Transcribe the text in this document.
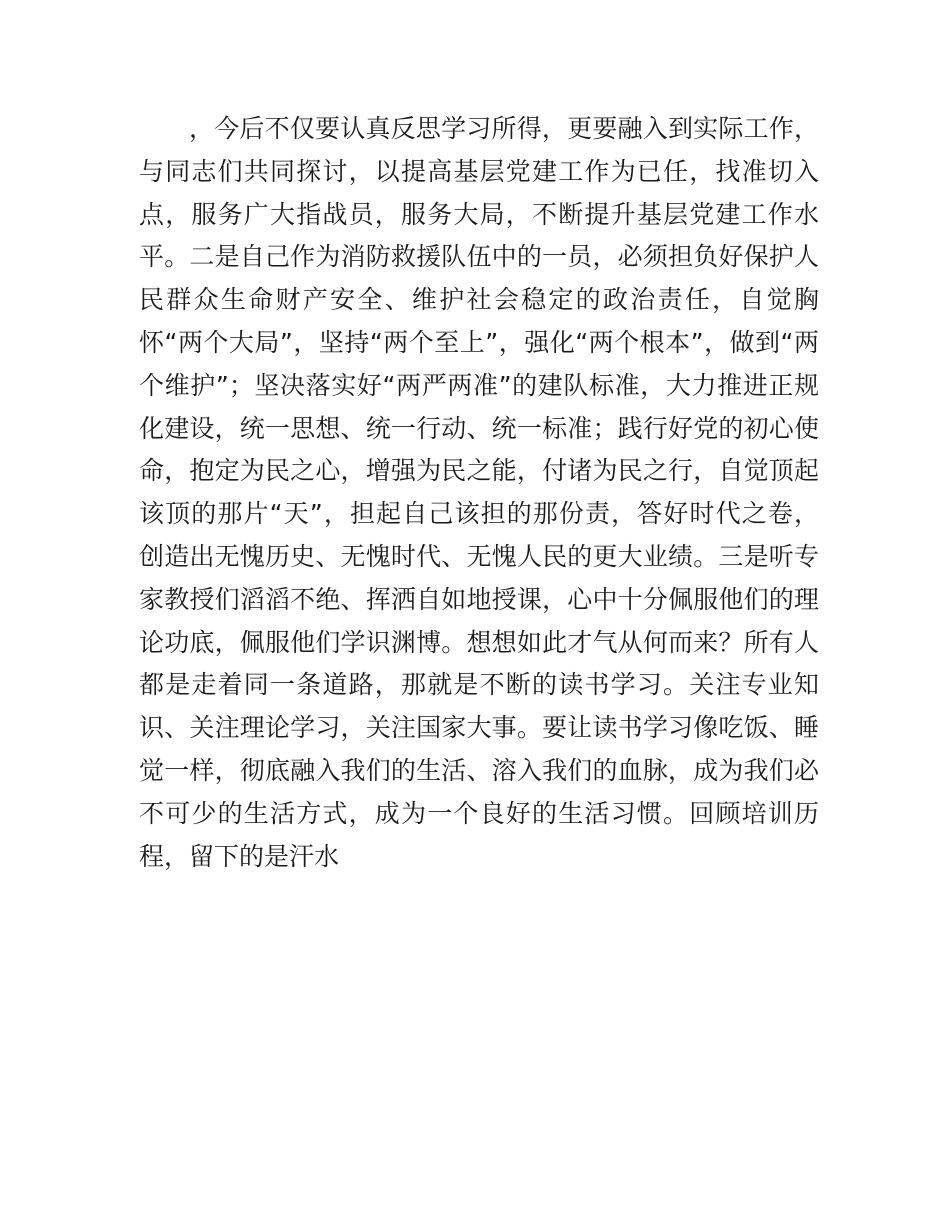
，今后不仅要认真反思学习所得，更要融入到实际工作，
与同志们共同探讨，以提高基层党建工作为已任，找准切入
点，服务广大指战员，服务大局，不断提升基层党建工作水
平。二是自己作为消防救援队伍中的一员，必须担负好保护人
民群众生命财产安全、维护社会稳定的政治责任，自觉胸
怀“两个大局”，坚持“两个至上”，强化“两个根本”，做到“两
个维护”；坚决落实好“两严两准”的建队标准，大力推进正规
化建设，统一思想、统一行动、统一标准；践行好党的初心使
命，抱定为民之心，增强为民之能，付诸为民之行，自觉顶起
该顶的那片“天”，担起自己该担的那份责，答好时代之卷，
创造出无愧历史、无愧时代、无愧人民的更大业绩。三是听专
家教授们滔滔不绝、挥洒自如地授课，心中十分佩服他们的理
论功底，佩服他们学识渊博。想想如此才气从何而来？所有人
都是走着同一条道路，那就是不断的读书学习。关注专业知
识、关注理论学习，关注国家大事。要让读书学习像吃饭、睡
觉一样，彻底融入我们的生活、溶入我们的血脉，成为我们必
不可少的生活方式，成为一个良好的生活习惯。回顾培训历
程，留下的是汗水
